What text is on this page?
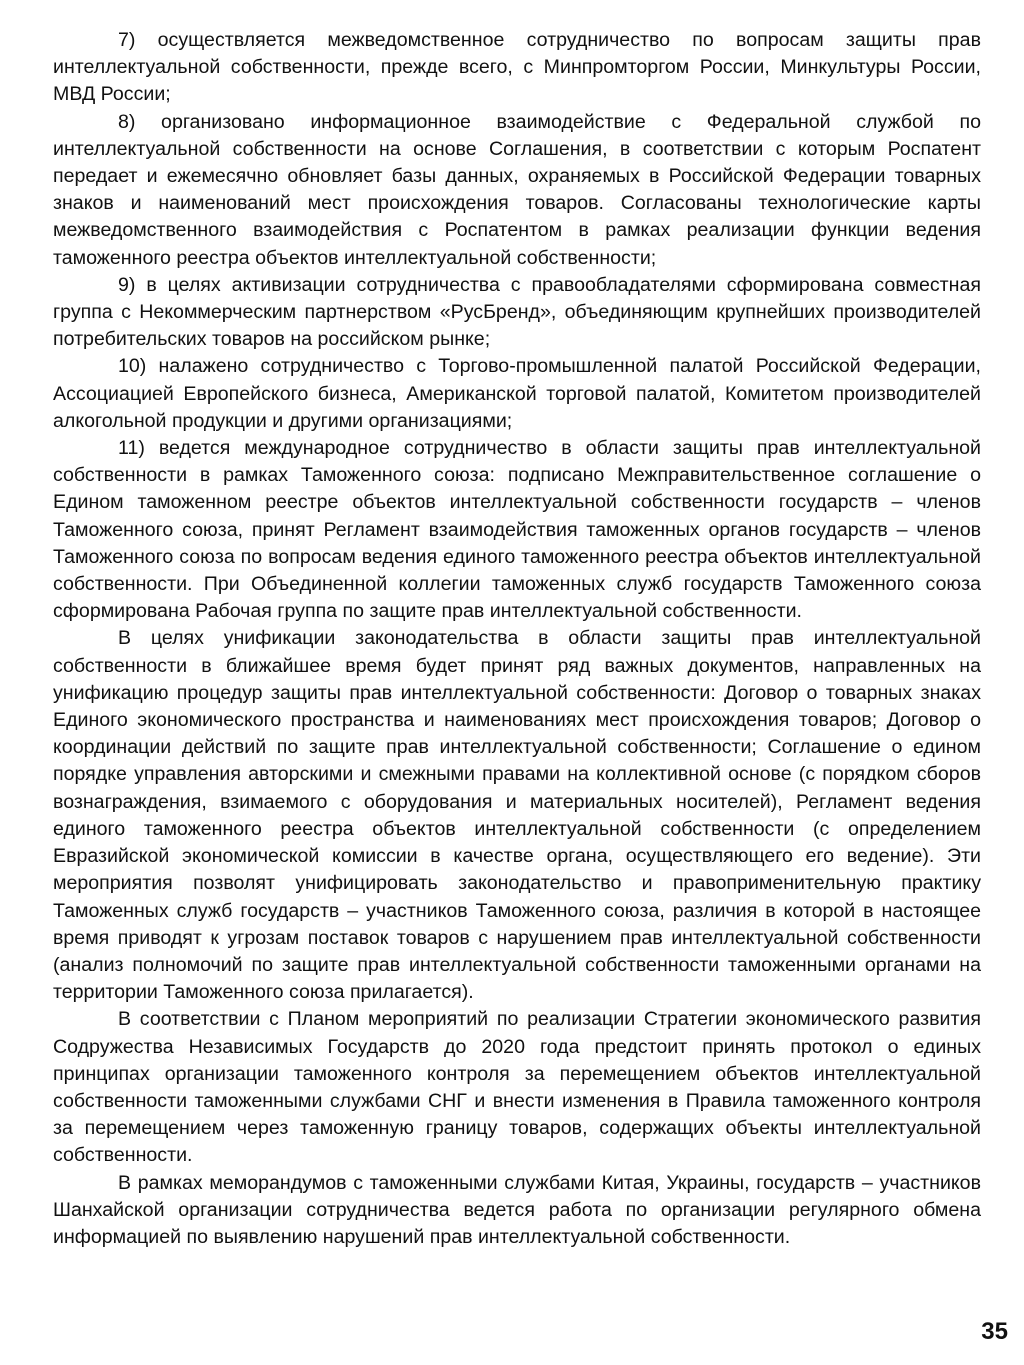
7) осуществляется межведомственное сотрудничество по вопросам защиты прав интеллектуальной собственности, прежде всего, с Минпромторгом России, Минкультуры России, МВД России;

8) организовано информационное взаимодействие с Федеральной службой по интеллектуальной собственности на основе Соглашения, в соответствии с которым Роспатент передает и ежемесячно обновляет базы данных, охраняемых в Российской Федерации товарных знаков и наименований мест происхождения товаров. Согласованы технологические карты межведомственного взаимодействия с Роспатентом в рамках реализации функции ведения таможенного реестра объектов интеллектуальной собственности;

9) в целях активизации сотрудничества с правообладателями сформирована совместная группа с Некоммерческим партнерством «РусБренд», объединяющим крупнейших производителей потребительских товаров на российском рынке;

10) налажено сотрудничество с Торгово-промышленной палатой Российской Федерации, Ассоциацией Европейского бизнеса, Американской торговой палатой, Комитетом производителей алкогольной продукции и другими организациями;

11) ведется международное сотрудничество в области защиты прав интеллектуальной собственности в рамках Таможенного союза: подписано Межправительственное соглашение о Едином таможенном реестре объектов интеллектуальной собственности государств – членов Таможенного союза, принят Регламент взаимодействия таможенных органов государств – членов Таможенного союза по вопросам ведения единого таможенного реестра объектов интеллектуальной собственности. При Объединенной коллегии таможенных служб государств Таможенного союза сформирована Рабочая группа по защите прав интеллектуальной собственности.

В целях унификации законодательства в области защиты прав интеллектуальной собственности в ближайшее время будет принят ряд важных документов, направленных на унификацию процедур защиты прав интеллектуальной собственности: Договор о товарных знаках Единого экономического пространства и наименованиях мест происхождения товаров; Договор о координации действий по защите прав интеллектуальной собственности; Соглашение о едином порядке управления авторскими и смежными правами на коллективной основе (с порядком сборов вознаграждения, взимаемого с оборудования и материальных носителей), Регламент ведения единого таможенного реестра объектов интеллектуальной собственности (с определением Евразийской экономической комиссии в качестве органа, осуществляющего его ведение). Эти мероприятия позволят унифицировать законодательство и правоприменительную практику Таможенных служб государств – участников Таможенного союза, различия в которой в настоящее время приводят к угрозам поставок товаров с нарушением прав интеллектуальной собственности (анализ полномочий по защите прав интеллектуальной собственности таможенными органами на территории Таможенного союза прилагается).

В соответствии с Планом мероприятий по реализации Стратегии экономического развития Содружества Независимых Государств до 2020 года предстоит принять протокол о единых принципах организации таможенного контроля за перемещением объектов интеллектуальной собственности таможенными службами СНГ и внести изменения в Правила таможенного контроля за перемещением через таможенную границу товаров, содержащих объекты интеллектуальной собственности.

В рамках меморандумов с таможенными службами Китая, Украины, государств – участников Шанхайской организации сотрудничества ведется работа по организации регулярного обмена информацией по выявлению нарушений прав интеллектуальной собственности.

35
